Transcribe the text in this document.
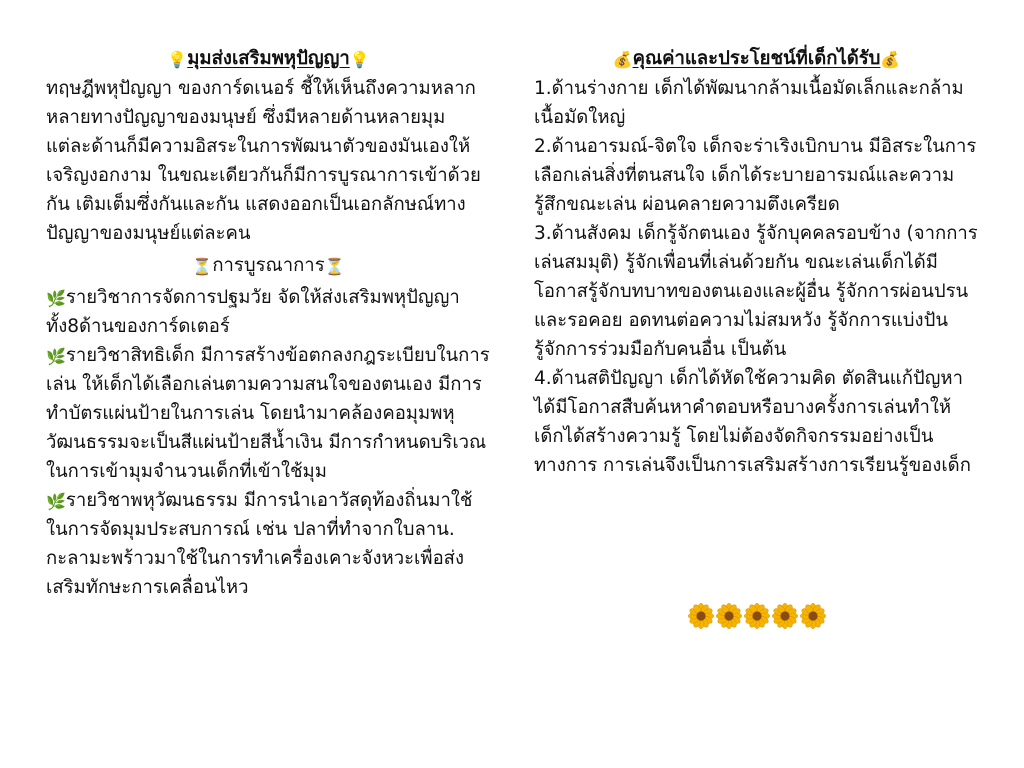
💡มุมส่งเสริมพหุปัญญา💡

ทฤษฎีพหุปัญญา ของการ์ดเนอร์ ชี้ให้เห็นถึงความหลากหลายทางปัญญาของมนุษย์ ซึ่งมีหลายด้านหลายมุม แต่ละด้านก็มีความอิสระในการพัฒนาตัวของมันเองให้เจริญงอกงาม ในขณะเดียวกันก็มีการบูรณาการเข้าด้วยกัน เติมเต็มซึ่งกันและกัน แสดงออกเป็นเอกลักษณ์ทางปัญญาของมนุษย์แต่ละคน

⏳การบูรณาการ⏳

🌿รายวิชาการจัดการปฐมวัย จัดให้ส่งเสริมพหุปัญญาทั้ง8ด้านของการ์ดเตอร์

🌿รายวิชาสิทธิเด็ก มีการสร้างข้อตกลงกฎระเบียบในการเล่น ให้เด็กได้เลือกเล่นตามความสนใจของตนเอง มีการทำบัตรแผ่นป้ายในการเล่น โดยนำมาคล้องคอมุมพหุวัฒนธรรมจะเป็นสีแผ่นป้ายสีน้ำเงิน มีการกำหนดบริเวณในการเข้ามุมจำนวนเด็กที่เข้าใช้มุม

🌿รายวิชาพหุวัฒนธรรม มีการนำเอาวัสดุท้องถิ่นมาใช้ในการจัดมุมประสบการณ์ เช่น ปลาที่ทำจากใบลาน. กะลามะพร้าวมาใช้ในการทำเครื่องเคาะจังหวะเพื่อส่งเสริมทักษะการเคลื่อนไหว

💰คุณค่าและประโยชน์ที่เด็กได้รับ💰

1.ด้านร่างกาย เด็กได้พัฒนากล้ามเนื้อมัดเล็กและกล้ามเนื้อมัดใหญ่

2.ด้านอารมณ์-จิตใจ เด็กจะร่าเริงเบิกบาน มีอิสระในการเลือกเล่นสิ่งที่ตนสนใจ เด็กได้ระบายอารมณ์และความรู้สึกขณะเล่น ผ่อนคลายความตึงเครียด

3.ด้านสังคม เด็กรู้จักตนเอง รู้จักบุคคลรอบข้าง (จากการเล่นสมมุติ) รู้จักเพื่อนที่เล่นด้วยกัน ขณะเล่นเด็กได้มีโอกาสรู้จักบทบาทของตนเองและผู้อื่น รู้จักการผ่อนปรนและรอคอย อดทนต่อความไม่สมหวัง รู้จักการแบ่งปัน รู้จักการร่วมมือกับคนอื่น เป็นต้น

4.ด้านสติปัญญา เด็กได้หัดใช้ความคิด ตัดสินแก้ปัญหา ได้มีโอกาสสืบค้นหาคำตอบหรือบางครั้งการเล่นทำให้เด็กได้สร้างความรู้ โดยไม่ต้องจัดกิจกรรมอย่างเป็นทางการ การเล่นจึงเป็นการเสริมสร้างการเรียนรู้ของเด็ก
